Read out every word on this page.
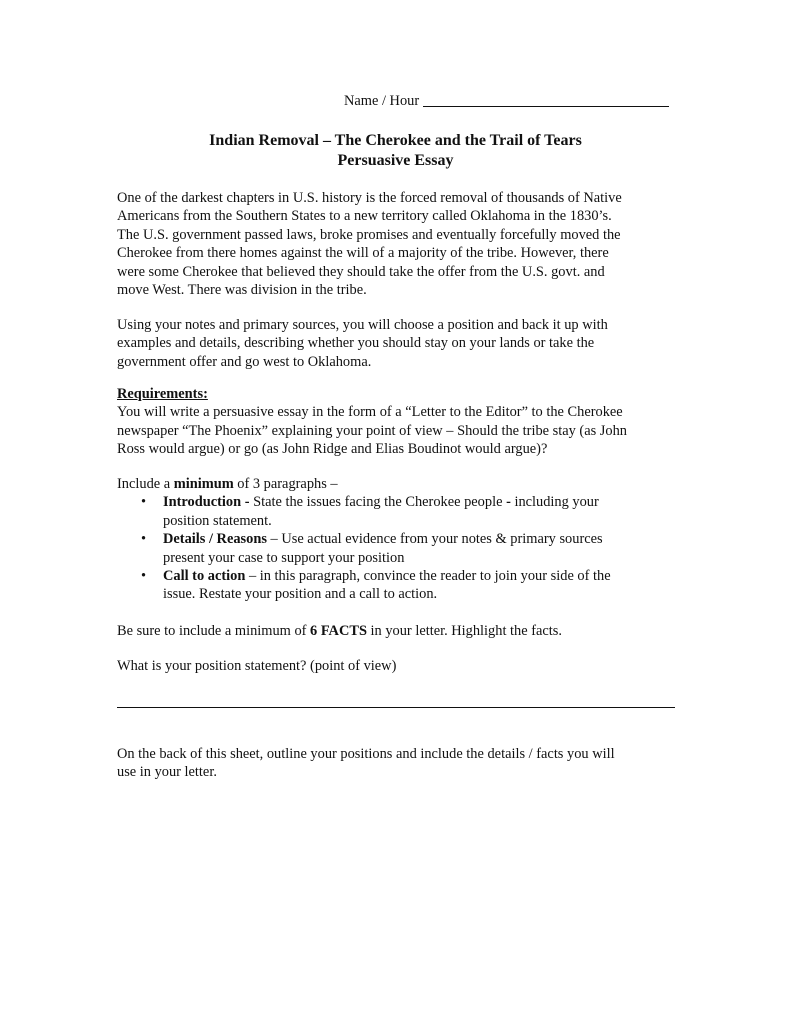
Name / Hour
Indian Removal – The Cherokee and the Trail of Tears
Persuasive Essay
One of the darkest chapters in U.S. history is the forced removal of thousands of Native
Americans from the Southern States to a new territory called Oklahoma in the 1830’s.
The U.S. government passed laws, broke promises and eventually forcefully moved the
Cherokee from there homes against the will of a majority of the tribe. However, there
were some Cherokee that believed they should take the offer from the U.S. govt. and
move West. There was division in the tribe.
Using your notes and primary sources, you will choose a position and back it up with
examples and details, describing whether you should stay on your lands or take the
government offer and go west to Oklahoma.
Requirements:
You will write a persuasive essay in the form of a “Letter to the Editor” to the Cherokee
newspaper “The Phoenix” explaining your point of view – Should the tribe stay (as John
Ross would argue) or go (as John Ridge and Elias Boudinot would argue)?

Include a minimum of 3 paragraphs –

• Introduction - State the issues facing the Cherokee people - including your
position statement.
• Details / Reasons – Use actual evidence from your notes & primary sources
present your case to support your position
• Call to action – in this paragraph, convince the reader to join your side of the
issue. Restate your position and a call to action.
Be sure to include a minimum of 6 FACTS in your letter. Highlight the facts.
What is your position statement? (point of view)
On the back of this sheet, outline your positions and include the details / facts you will
use in your letter.
